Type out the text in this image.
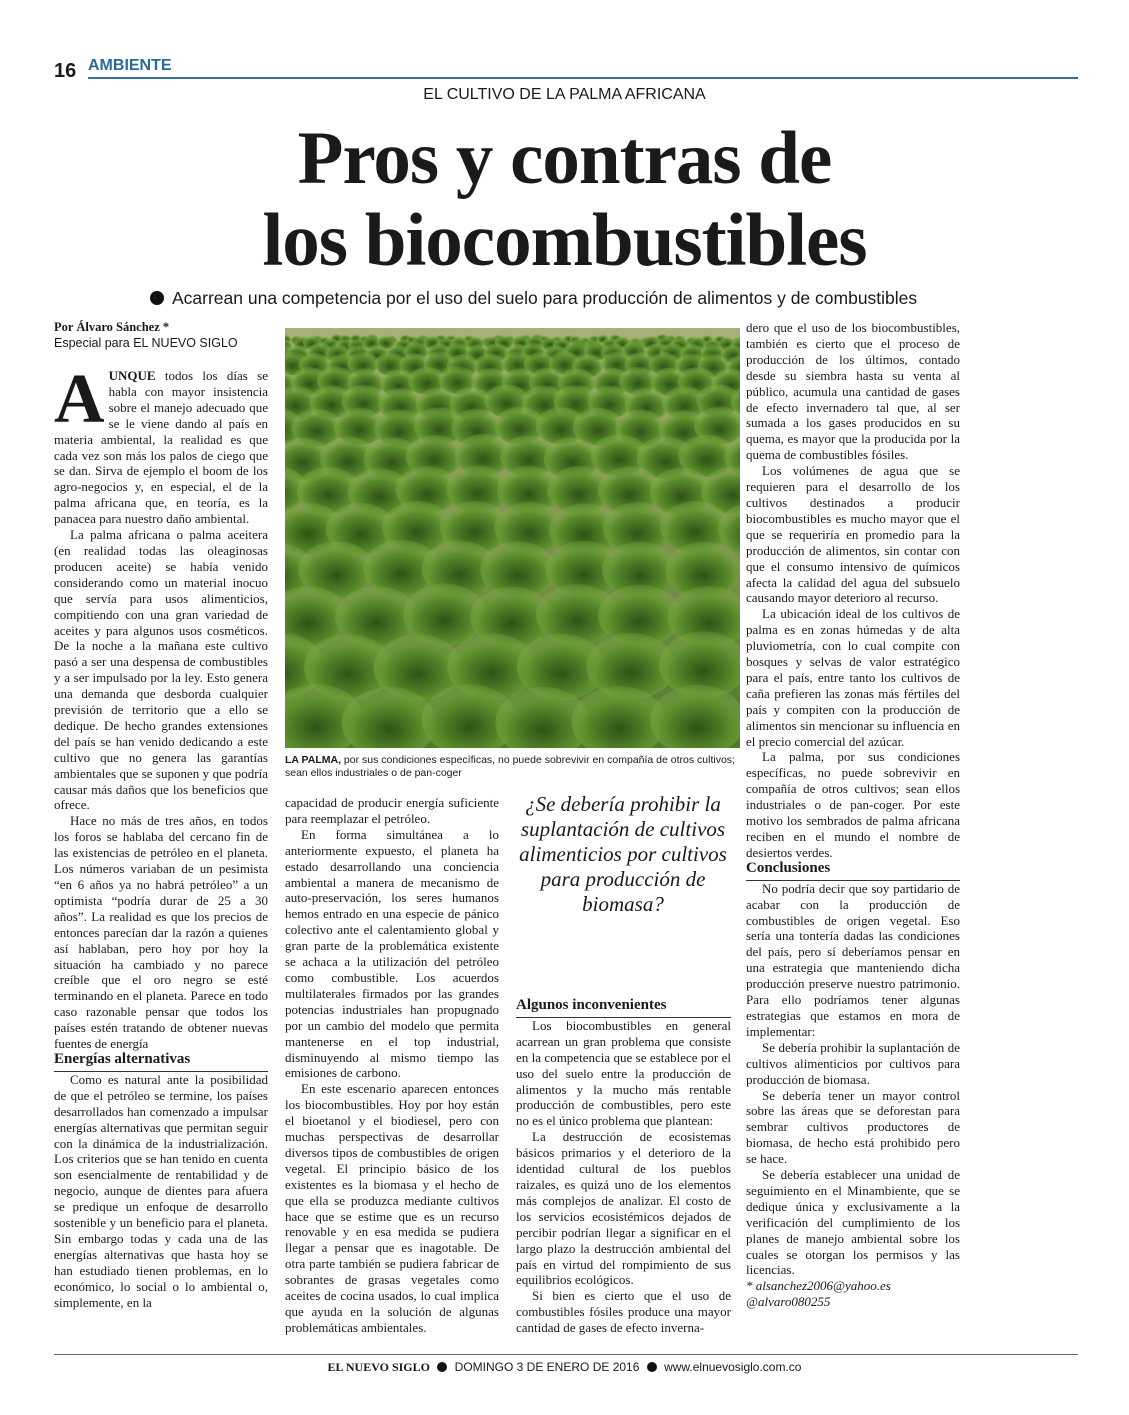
16 AMBIENTE
EL CULTIVO DE LA PALMA AFRICANA
Pros y contras de
los biocombustibles
Acarrean una competencia por el uso del suelo para producción de alimentos y de combustibles
Por Álvaro Sánchez *
Especial para EL NUEVO SIGLO

AUNQUE todos los días se habla con mayor insistencia sobre el manejo adecuado que se le viene dando al país en materia ambiental, la realidad es que cada vez son más los palos de ciego que se dan. Sirva de ejemplo el boom de los agro-negocios y, en especial, el de la palma africana que, en teoría, es la panacea para nuestro daño ambiental.

La palma africana o palma aceitera (en realidad todas las oleaginosas producen aceite) se había venido considerando como un material inocuo que servía para usos alimenticios, compitiendo con una gran variedad de aceites y para algunos usos cosméticos. De la noche a la mañana este cultivo pasó a ser una despensa de combustibles y a ser impulsado por la ley. Esto genera una demanda que desborda cualquier previsión de territorio que a ello se dedique. De hecho grandes extensiones del país se han venido dedicando a este cultivo que no genera las garantías ambientales que se suponen y que podría causar más daños que los beneficios que ofrece.

Hace no más de tres años, en todos los foros se hablaba del cercano fin de las existencias de petróleo en el planeta. Los números variaban de un pesimista “en 6 años ya no habrá petróleo” a un optimista “podría durar de 25 a 30 años”. La realidad es que los precios de entonces parecían dar la razón a quienes así hablaban, pero hoy por hoy la situación ha cambiado y no parece creíble que el oro negro se esté terminando en el planeta. Parece en todo caso razonable pensar que todos los países estén tratando de obtener nuevas fuentes de energía

Energías alternativas

Como es natural ante la posibilidad de que el petróleo se termine, los países desarrollados han comenzado a impulsar energías alternativas que permitan seguir con la dinámica de la industrialización. Los criterios que se han tenido en cuenta son esencialmente de rentabilidad y de negocio, aunque de dientes para afuera se predique un enfoque de desarrollo sostenible y un beneficio para el planeta. Sin embargo todas y cada una de las energías alternativas que hasta hoy se han estudiado tienen problemas, en lo económico, lo social o lo ambiental o, simplemente, en la

LA PALMA, por sus condiciones específicas, no puede sobrevivir en compañía de otros cultivos; sean ellos industriales o de pan-coger

capacidad de producir energía suficiente para reemplazar el petróleo.

En forma simultánea a lo anteriormente expuesto, el planeta ha estado desarrollando una conciencia ambiental a manera de mecanismo de auto-preservación, los seres humanos hemos entrado en una especie de pánico colectivo ante el calentamiento global y gran parte de la problemática existente se achaca a la utilización del petróleo como combustible. Los acuerdos multilaterales firmados por las grandes potencias industriales han propugnado por un cambio del modelo que permita mantenerse en el top industrial, disminuyendo al mismo tiempo las emisiones de carbono.

En este escenario aparecen entonces los biocombustibles. Hoy por hoy están el bioetanol y el biodiesel, pero con muchas perspectivas de desarrollar diversos tipos de combustibles de origen vegetal. El principio básico de los existentes es la biomasa y el hecho de que ella se produzca mediante cultivos hace que se estime que es un recurso renovable y en esa medida se pudiera llegar a pensar que es inagotable. De otra parte también se pudiera fabricar de sobrantes de grasas vegetales como aceites de cocina usados, lo cual implica que ayuda en la solución de algunas problemáticas ambientales.

¿Se debería prohibir la suplantación de cultivos alimenticios por cultivos para producción de biomasa?

Algunos inconvenientes

Los biocombustibles en general acarrean un gran problema que consiste en la competencia que se establece por el uso del suelo entre la producción de alimentos y la mucho más rentable producción de combustibles, pero este no es el único problema que plantean:

La destrucción de ecosistemas básicos primarios y el deterioro de la identidad cultural de los pueblos raizales, es quizá uno de los elementos más complejos de analizar. El costo de los servicios ecosistémicos dejados de percibir podrían llegar a significar en el largo plazo la destrucción ambiental del país en virtud del rompimiento de sus equilibrios ecológicos.

Si bien es cierto que el uso de combustibles fósiles produce una mayor cantidad de gases de efecto inverna-

dero que el uso de los biocombustibles, también es cierto que el proceso de producción de los últimos, contado desde su siembra hasta su venta al público, acumula una cantidad de gases de efecto invernadero tal que, al ser sumada a los gases producidos en su quema, es mayor que la producida por la quema de combustibles fósiles.

Los volúmenes de agua que se requieren para el desarrollo de los cultivos destinados a producir biocombustibles es mucho mayor que el que se requeriría en promedio para la producción de alimentos, sin contar con que el consumo intensivo de químicos afecta la calidad del agua del subsuelo causando mayor deterioro al recurso.

La ubicación ideal de los cultivos de palma es en zonas húmedas y de alta pluviometría, con lo cual compite con bosques y selvas de valor estratégico para el país, entre tanto los cultivos de caña prefieren las zonas más fértiles del país y compiten con la producción de alimentos sin mencionar su influencia en el precio comercial del azúcar.

La palma, por sus condiciones específicas, no puede sobrevivir en compañía de otros cultivos; sean ellos industriales o de pan-coger. Por este motivo los sembrados de palma africana reciben en el mundo el nombre de desiertos verdes.

Conclusiones

No podría decir que soy partidario de acabar con la producción de combustibles de origen vegetal. Eso sería una tontería dadas las condiciones del país, pero sí deberíamos pensar en una estrategia que manteniendo dicha producción preserve nuestro patrimonio. Para ello podríamos tener algunas estrategias que estamos en mora de implementar:

Se debería prohibir la suplantación de cultivos alimenticios por cultivos para producción de biomasa.

Se debería tener un mayor control sobre las áreas que se deforestan para sembrar cultivos productores de biomasa, de hecho está prohibido pero se hace.

Se debería establecer una unidad de seguimiento en el Minambiente, que se dedique única y exclusivamente a la verificación del cumplimiento de los planes de manejo ambiental sobre los cuales se otorgan los permisos y las licencias.

* alsanchez2006@yahoo.es @alvaro080255

EL NUEVO SIGLO DOMINGO 3 DE ENERO DE 2016 www.elnuevosiglo.com.co
